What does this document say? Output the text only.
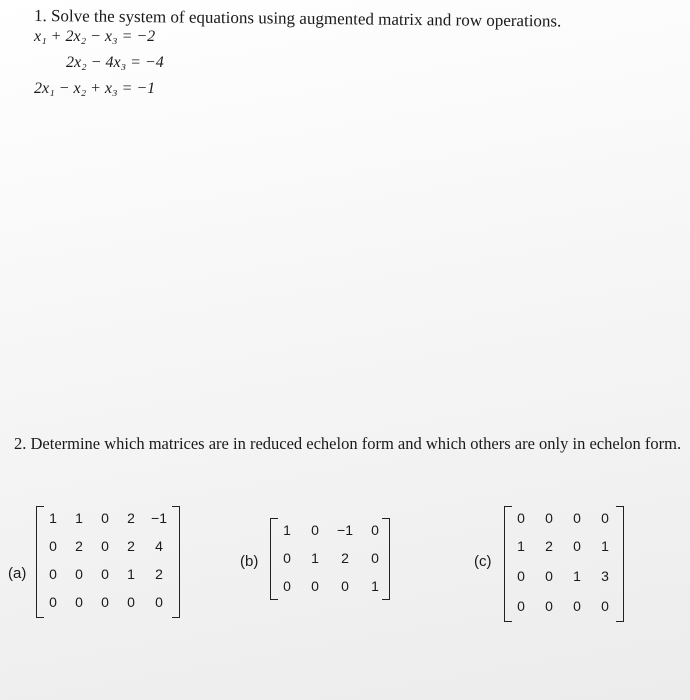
1. Solve the system of equations using augmented matrix and row operations.
x₁ + 2x₂ − x₃ = −2
2x₂ − 4x₃ = −4
2x₁ − x₂ + x₃ = −1
2. Determine which matrices are in reduced echelon form and which others are only in echelon form.
(a)
1	1	0	2	−1
0	2	0	2	4
0	0	0	1	2
0	0	0	0	0
(b)
1	0	−1	0
0	1	2	0
0	0	0	1
(c)
0	0	0	0
1	2	0	1
0	0	1	3
0	0	0	0
